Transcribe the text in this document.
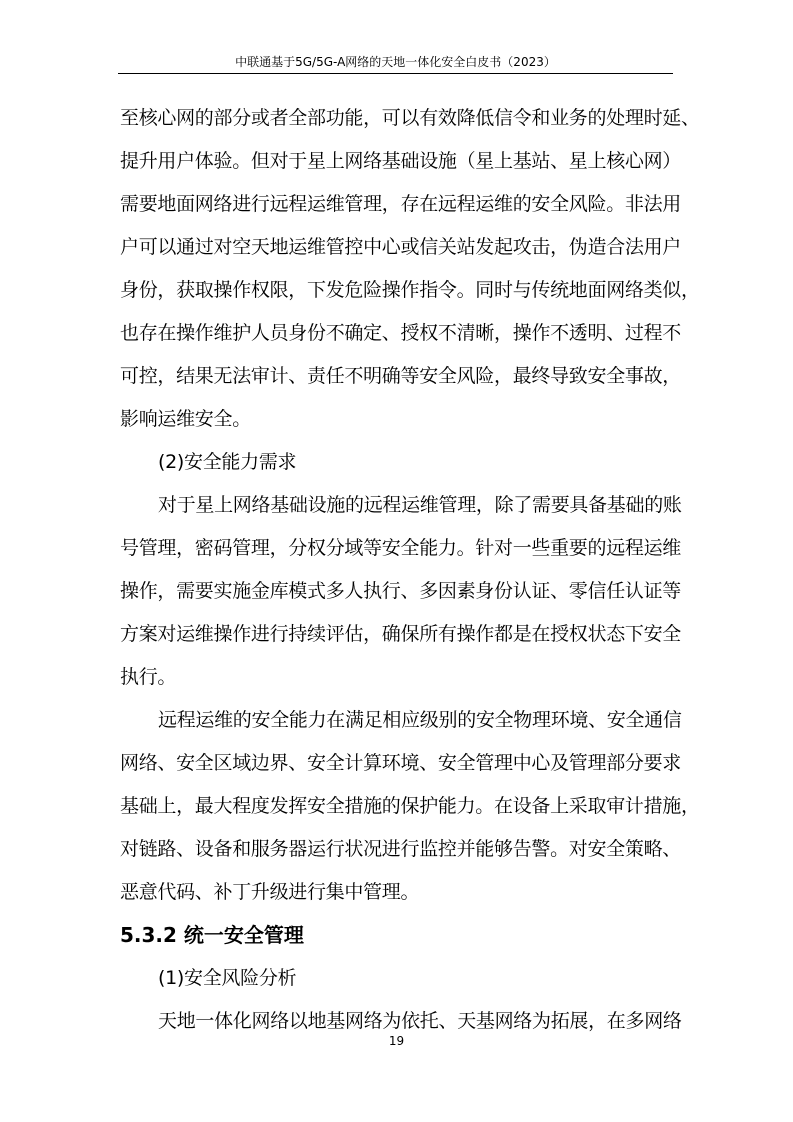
中联通基于5G/5G-A网络的天地一体化安全白皮书（2023）
至核心网的部分或者全部功能，可以有效降低信令和业务的处理时延、
提升用户体验。但对于星上网络基础设施（星上基站、星上核心网）
需要地面网络进行远程运维管理，存在远程运维的安全风险。非法用
户可以通过对空天地运维管控中心或信关站发起攻击，伪造合法用户
身份，获取操作权限，下发危险操作指令。同时与传统地面网络类似，
也存在操作维护人员身份不确定、授权不清晰，操作不透明、过程不
可控，结果无法审计、责任不明确等安全风险，最终导致安全事故，
影响运维安全。
(2)安全能力需求
对于星上网络基础设施的远程运维管理，除了需要具备基础的账
号管理，密码管理，分权分域等安全能力。针对一些重要的远程运维
操作，需要实施金库模式多人执行、多因素身份认证、零信任认证等
方案对运维操作进行持续评估，确保所有操作都是在授权状态下安全
执行。
远程运维的安全能力在满足相应级别的安全物理环境、安全通信
网络、安全区域边界、安全计算环境、安全管理中心及管理部分要求
基础上，最大程度发挥安全措施的保护能力。在设备上采取审计措施，
对链路、设备和服务器运行状况进行监控并能够告警。对安全策略、
恶意代码、补丁升级进行集中管理。
5.3.2 统一安全管理
(1)安全风险分析
天地一体化网络以地基网络为依托、天基网络为拓展，在多网络
19
